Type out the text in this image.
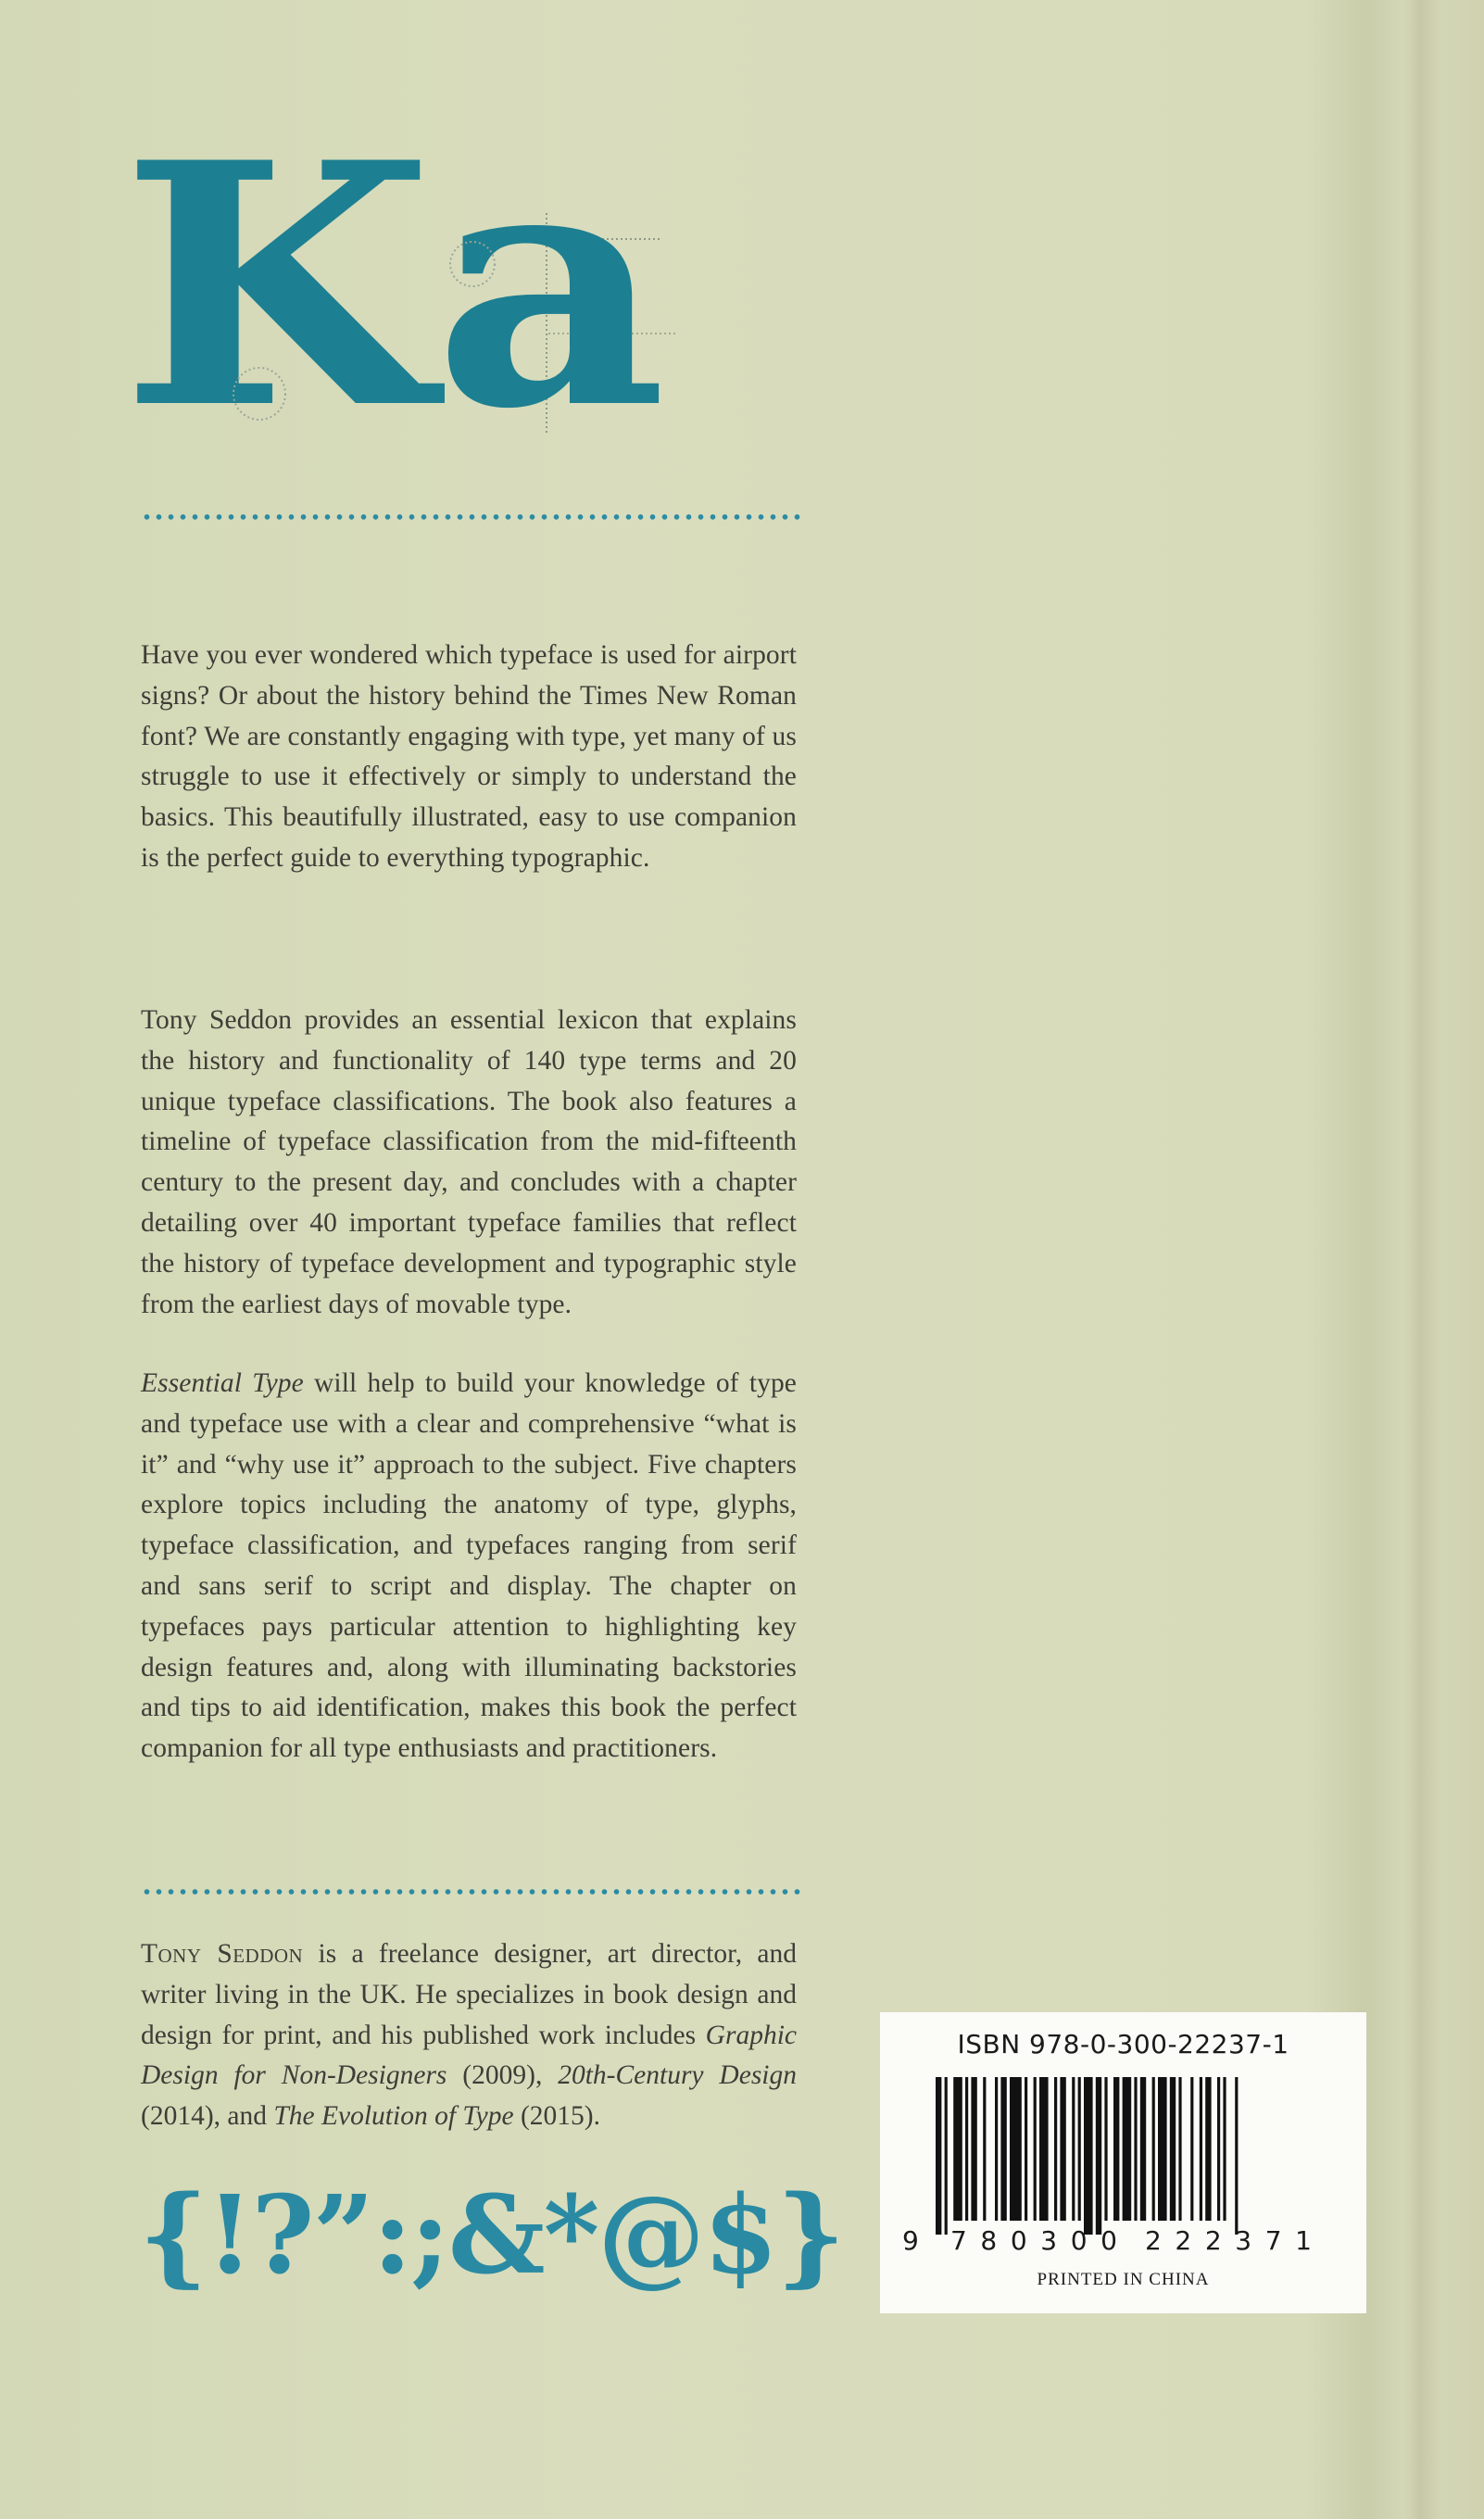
Ka

Have you ever wondered which typeface is used for airport signs? Or about the history behind the Times New Roman font? We are constantly engaging with type, yet many of us struggle to use it effectively or simply to understand the basics. This beautifully illustrated, easy to use companion is the perfect guide to everything typographic.

Tony Seddon provides an essential lexicon that explains the history and functionality of 140 type terms and 20 unique typeface classifications. The book also features a timeline of typeface classification from the mid-fifteenth century to the present day, and concludes with a chapter detailing over 40 important typeface families that reflect the history of typeface development and typographic style from the earliest days of movable type.

Essential Type will help to build your knowledge of type and typeface use with a clear and comprehensive “what is it” and “why use it” approach to the subject. Five chapters explore topics including the anatomy of type, glyphs, typeface classification, and typefaces ranging from serif and sans serif to script and display. The chapter on typefaces pays particular attention to highlighting key design features and, along with illuminating backstories and tips to aid identification, makes this book the perfect companion for all type enthusiasts and practitioners.

Tony Seddon is a freelance designer, art director, and writer living in the UK. He specializes in book design and design for print, and his published work includes Graphic Design for Non-Designers (2009), 20th-Century Design (2014), and The Evolution of Type (2015).
{!?”:;&*@$}
ISBN 978-0-300-22237-1
9 780300 222371
PRINTED IN CHINA
